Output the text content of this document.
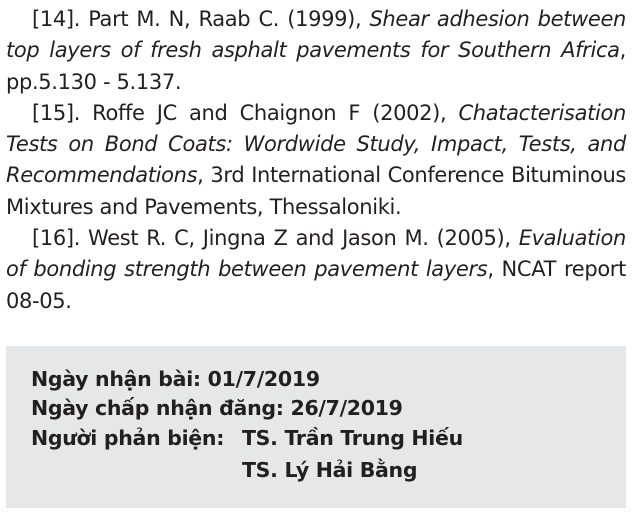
[14]. Part M. N, Raab C. (1999), Shear adhesion between top layers of fresh asphalt pavements for Southern Africa, pp.5.130 - 5.137.

[15]. Roffe JC and Chaignon F (2002), Chatacterisation Tests on Bond Coats: Wordwide Study, Impact, Tests, and Recommendations, 3rd International Conference Bituminous Mixtures and Pavements, Thessaloniki.

[16]. West R. C, Jingna Z and Jason M. (2005), Evaluation of bonding strength between pavement layers, NCAT report 08-05.

Ngày nhận bài: 01/7/2019
Ngày chấp nhận đăng: 26/7/2019
Người phản biện: TS. Trần Trung Hiếu
TS. Lý Hải Bằng
